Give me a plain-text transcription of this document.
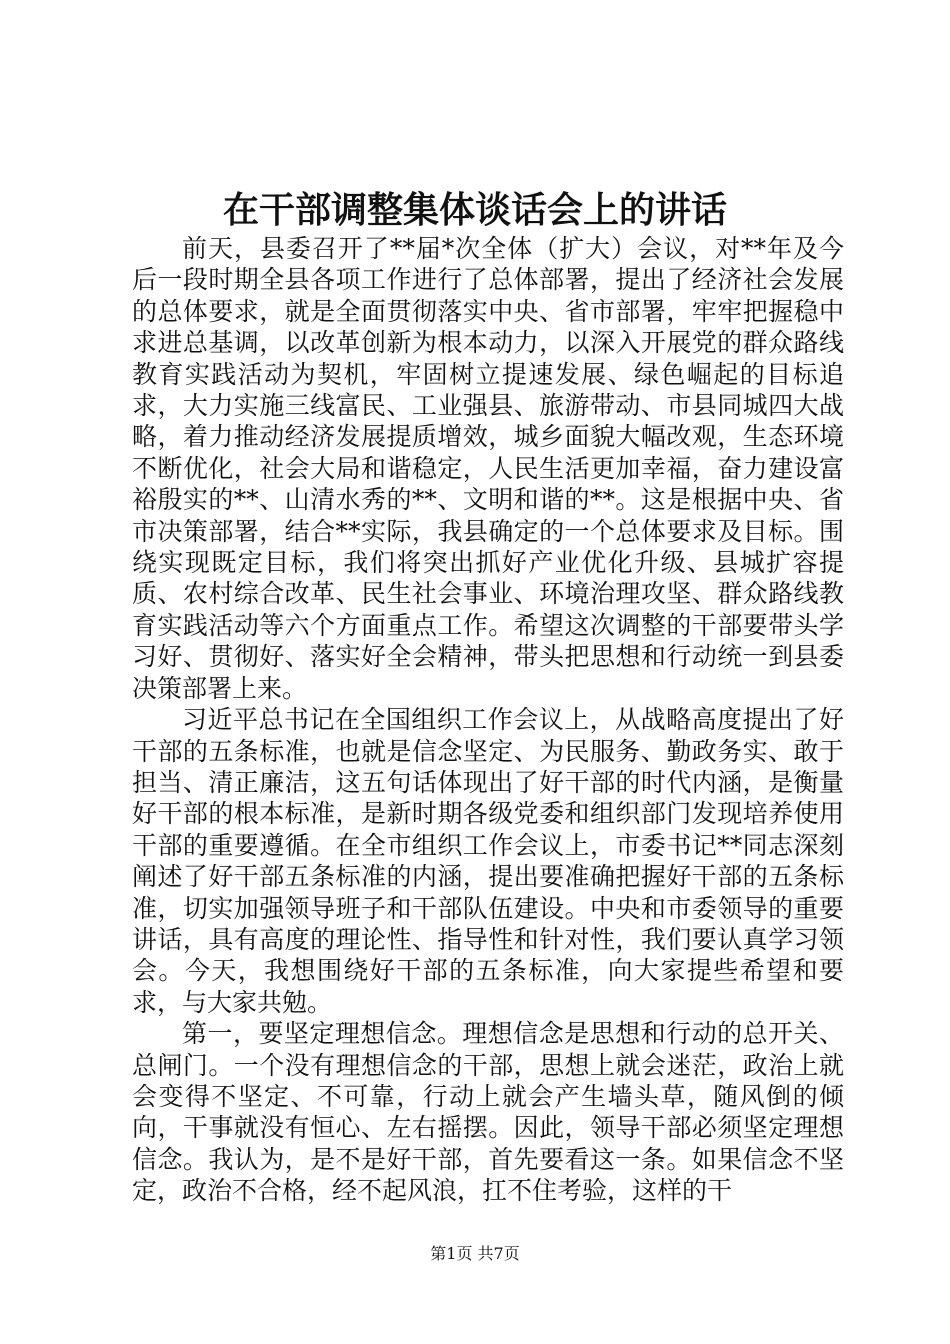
在干部调整集体谈话会上的讲话

前天，县委召开了**届*次全体（扩大）会议，对**年及今后一段时期全县各项工作进行了总体部署，提出了经济社会发展的总体要求，就是全面贯彻落实中央、省市部署，牢牢把握稳中求进总基调，以改革创新为根本动力，以深入开展党的群众路线教育实践活动为契机，牢固树立提速发展、绿色崛起的目标追求，大力实施三线富民、工业强县、旅游带动、市县同城四大战略，着力推动经济发展提质增效，城乡面貌大幅改观，生态环境不断优化，社会大局和谐稳定，人民生活更加幸福，奋力建设富裕殷实的**、山清水秀的**、文明和谐的**。这是根据中央、省市决策部署，结合**实际，我县确定的一个总体要求及目标。围绕实现既定目标，我们将突出抓好产业优化升级、县城扩容提质、农村综合改革、民生社会事业、环境治理攻坚、群众路线教育实践活动等六个方面重点工作。希望这次调整的干部要带头学习好、贯彻好、落实好全会精神，带头把思想和行动统一到县委决策部署上来。

习近平总书记在全国组织工作会议上，从战略高度提出了好干部的五条标准，也就是信念坚定、为民服务、勤政务实、敢于担当、清正廉洁，这五句话体现出了好干部的时代内涵，是衡量好干部的根本标准，是新时期各级党委和组织部门发现培养使用干部的重要遵循。在全市组织工作会议上，市委书记**同志深刻阐述了好干部五条标准的内涵，提出要准确把握好干部的五条标准，切实加强领导班子和干部队伍建设。中央和市委领导的重要讲话，具有高度的理论性、指导性和针对性，我们要认真学习领会。今天，我想围绕好干部的五条标准，向大家提些希望和要求，与大家共勉。

第一，要坚定理想信念。理想信念是思想和行动的总开关、总闸门。一个没有理想信念的干部，思想上就会迷茫，政治上就会变得不坚定、不可靠，行动上就会产生墙头草，随风倒的倾向，干事就没有恒心、左右摇摆。因此，领导干部必须坚定理想信念。我认为，是不是好干部，首先要看这一条。如果信念不坚定，政治不合格，经不起风浪，扛不住考验，这样的干

第1页 共7页
